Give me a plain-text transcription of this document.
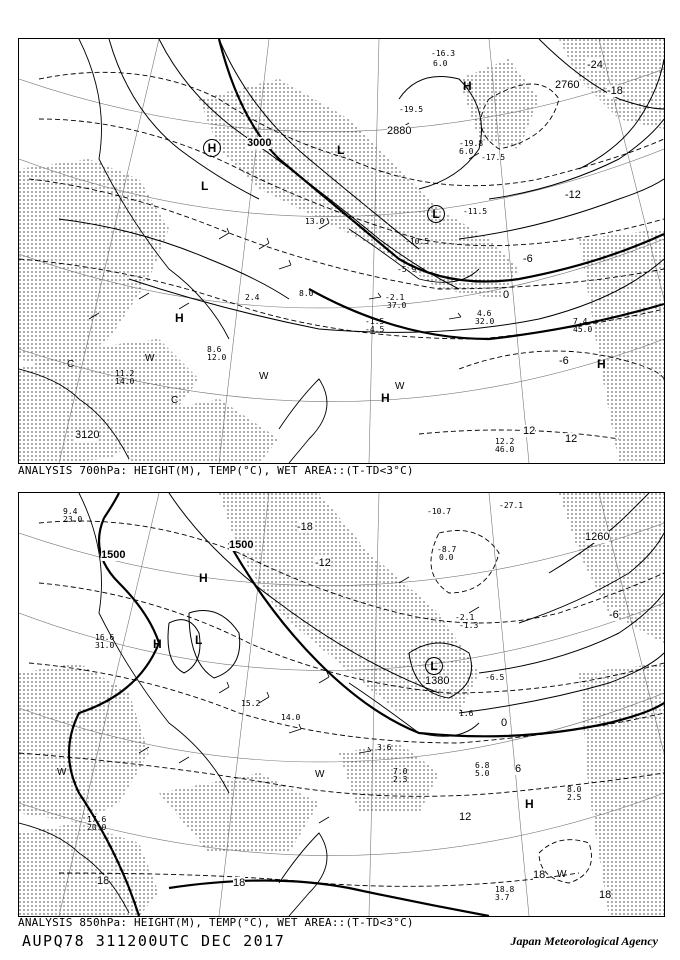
3000
3120
2760
2880
-24
-18
-12
-6
0
-6
12
12
H
H
H
H
H
L
L
L
W
W
W
C
C
-16.3
6.0
-19.5
-17.5
-11.5
-10.5
-5.9
-2.1
37.0
4.6
32.0	7.4
45.0
12.2
46.0
11.2
14.0
8.6
12.0
-1.5
-4.5
-19.8
6.0
8.0
13.0
2.4
ANALYSIS 700hPa: HEIGHT(M), TEMP(°C), WET AREA::(T-TD<3°C)
1500
1500
1260
1380
-18
-6
-12
0
6
12
18
18
18
18
H
H
H
L
L
W	W
W
-27.1
-10.7
-8.7
0.0
-2.1
-1.3
-6.5
1.6
3.6
7.0
2.3
6.8
5.0
8.0
2.5
16.6
31.0
18.8
3.7
17.6
20.0
9.4
23.0
14.0
15.2
ANALYSIS 850hPa: HEIGHT(M), TEMP(°C), WET AREA::(T-TD<3°C)
AUPQ78 311200UTC DEC 2017	Japan Meteorological Agency
